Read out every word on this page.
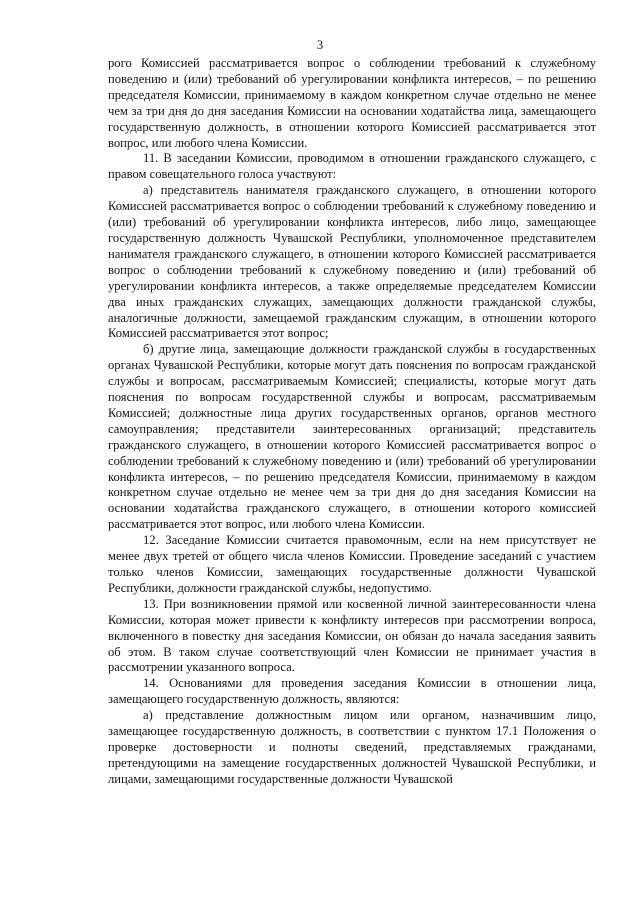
3

рого Комиссией рассматривается вопрос о соблюдении требований к служебному поведению и (или) требований об урегулировании конфликта интересов, – по решению председателя Комиссии, принимаемому в каждом конкретном случае отдельно не менее чем за три дня до дня заседания Комиссии на основании ходатайства лица, замещающего государственную должность, в отношении которого Комиссией рассматривается этот вопрос, или любого члена Комиссии.

11. В заседании Комиссии, проводимом в отношении гражданского служащего, с правом совещательного голоса участвуют:

а) представитель нанимателя гражданского служащего, в отношении которого Комиссией рассматривается вопрос о соблюдении требований к служебному поведению и (или) требований об урегулировании конфликта интересов, либо лицо, замещающее государственную должность Чувашской Республики, уполномоченное представителем нанимателя гражданского служащего, в отношении которого Комиссией рассматривается вопрос о соблюдении требований к служебному поведению и (или) требований об урегулировании конфликта интересов, а также определяемые председателем Комиссии два иных гражданских служащих, замещающих должности гражданской службы, аналогичные должности, замещаемой гражданским служащим, в отношении которого Комиссией рассматривается этот вопрос;

б) другие лица, замещающие должности гражданской службы в государственных органах Чувашской Республики, которые могут дать пояснения по вопросам гражданской службы и вопросам, рассматриваемым Комиссией; специалисты, которые могут дать пояснения по вопросам государственной службы и вопросам, рассматриваемым Комиссией; должностные лица других государственных органов, органов местного самоуправления; представители заинтересованных организаций; представитель гражданского служащего, в отношении которого Комиссией рассматривается вопрос о соблюдении требований к служебному поведению и (или) требований об урегулировании конфликта интересов, – по решению председателя Комиссии, принимаемому в каждом конкретном случае отдельно не менее чем за три дня до дня заседания Комиссии на основании ходатайства гражданского служащего, в отношении которого комиссией рассматривается этот вопрос, или любого члена Комиссии.

12. Заседание Комиссии считается правомочным, если на нем присутствует не менее двух третей от общего числа членов Комиссии. Проведение заседаний с участием только членов Комиссии, замещающих государственные должности Чувашской Республики, должности гражданской службы, недопустимо.

13. При возникновении прямой или косвенной личной заинтересованности члена Комиссии, которая может привести к конфликту интересов при рассмотрении вопроса, включенного в повестку дня заседания Комиссии, он обязан до начала заседания заявить об этом. В таком случае соответствующий член Комиссии не принимает участия в рассмотрении указанного вопроса.

14. Основаниями для проведения заседания Комиссии в отношении лица, замещающего государственную должность, являются:

а) представление должностным лицом или органом, назначившим лицо, замещающее государственную должность, в соответствии с пунктом 17.1 Положения о проверке достоверности и полноты сведений, представляемых гражданами, претендующими на замещение государственных должностей Чувашской Республики, и лицами, замещающими государственные должности Чувашской
